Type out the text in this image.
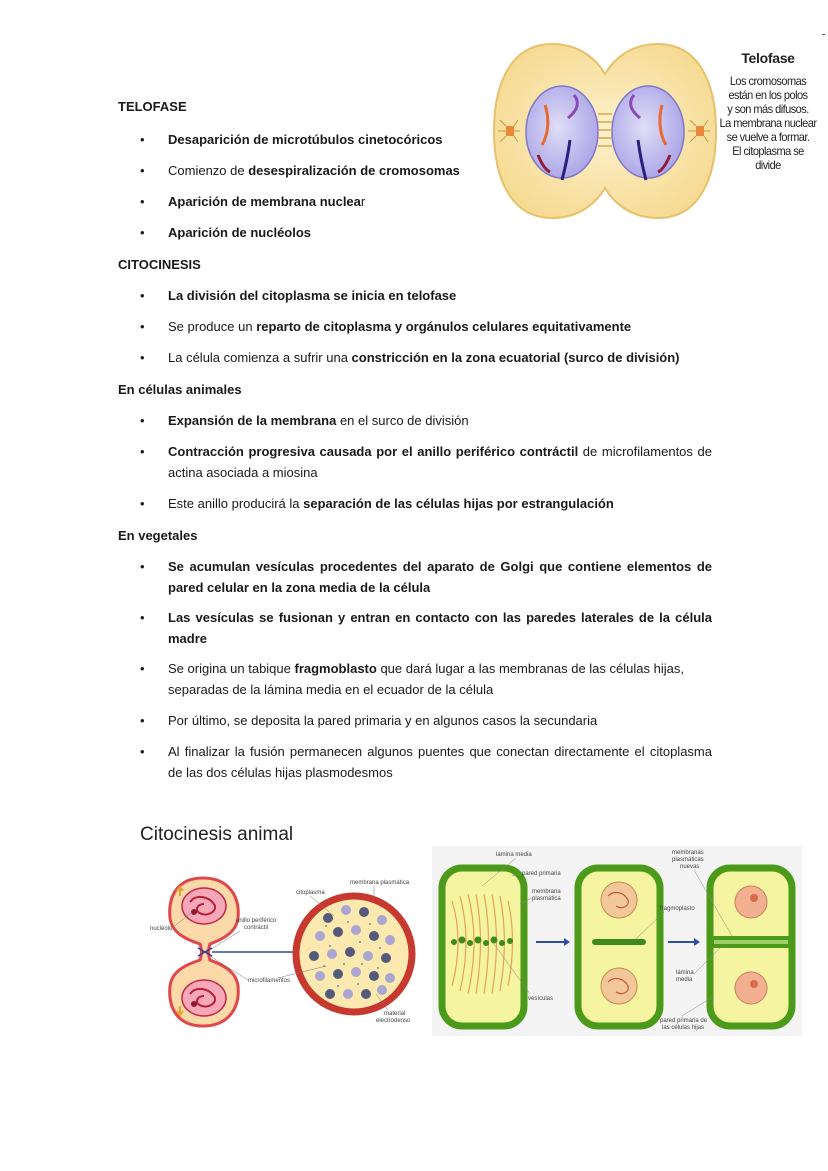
TELOFASE
•	Desaparición de microtúbulos cinetocóricos
•	Comienzo de desespiralización de cromosomas
•	Aparición de membrana nuclear
•	Aparición de nucléolos
CITOCINESIS
•	La división del citoplasma se inicia en telofase
•	Se produce un reparto de citoplasma y orgánulos celulares equitativamente
•	La célula comienza a sufrir una constricción en la zona ecuatorial (surco de división)
En células animales
•	Expansión de la membrana en el surco de división
•	Contracción progresiva causada por el anillo periférico contráctil de microfilamentos de actina asociada a miosina
•	Este anillo producirá la separación de las células hijas por estrangulación
En vegetales
•	Se acumulan vesículas procedentes del aparato de Golgi que contiene elementos de pared celular en la zona media de la célula
•	Las vesículas se fusionan y entran en contacto con las paredes laterales de la célula madre
•	Se origina un tabique fragmoblasto que dará lugar a las membranas de las células hijas, separadas de la lámina media en el ecuador de la célula
•	Por último, se deposita la pared primaria y en algunos casos la secundaria
•	Al finalizar la fusión permanecen algunos puentes que conectan directamente el citoplasma de las dos células hijas plasmodesmos
Telofase
Los cromosomas
están en los polos
y son más difusos.
La membrana nuclear
se vuelve a formar.
El citoplasma se
divide
Citocinesis animal
nucléolo
anillo periférico
contráctil
microfilamentos
citoplasma
membrana plasmática
material
electrodenso
lámina media
pared primaria
membrana
plasmática
vesículas
membranas
plasmáticas
nuevas
fragmoplasto
lámina
media
pared primaria de
las células hijas
